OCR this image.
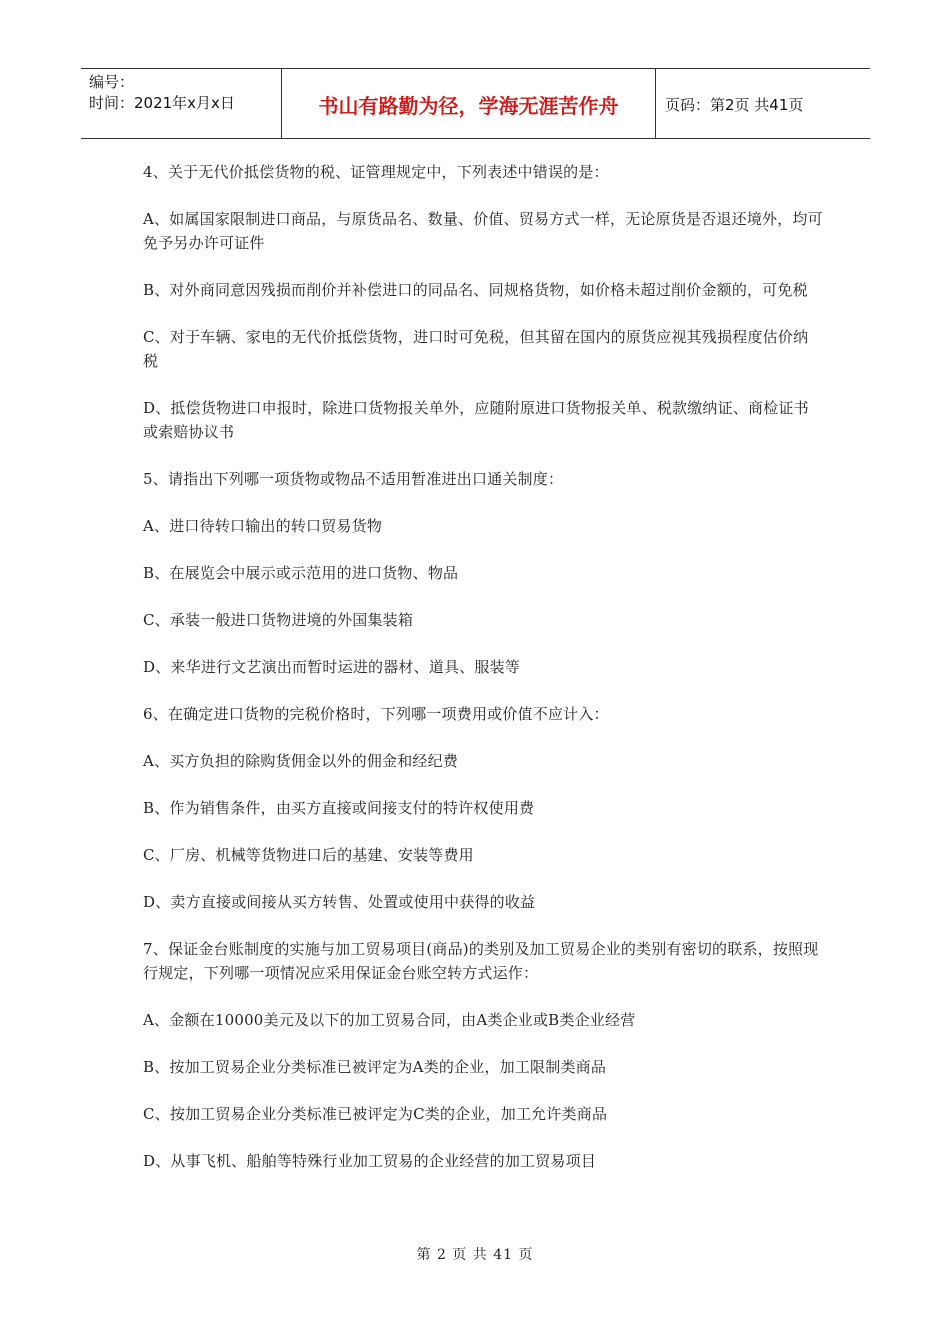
编号：
时间：2021年x月x日	书山有路勤为径，学海无涯苦作舟	页码：第2页 共41页

4、关于无代价抵偿货物的税、证管理规定中，下列表述中错误的是：

A、如属国家限制进口商品，与原货品名、数量、价值、贸易方式一样，无论原货是否退还境外，均可免予另办许可证件

B、对外商同意因残损而削价并补偿进口的同品名、同规格货物，如价格未超过削价金额的，可免税

C、对于车辆、家电的无代价抵偿货物，进口时可免税，但其留在国内的原货应视其残损程度估价纳税

D、抵偿货物进口申报时，除进口货物报关单外，应随附原进口货物报关单、税款缴纳证、商检证书或索赔协议书

5、请指出下列哪一项货物或物品不适用暂准进出口通关制度：

A、进口待转口输出的转口贸易货物

B、在展览会中展示或示范用的进口货物、物品

C、承装一般进口货物进境的外国集装箱

D、来华进行文艺演出而暂时运进的器材、道具、服装等

6、在确定进口货物的完税价格时，下列哪一项费用或价值不应计入：

A、买方负担的除购货佣金以外的佣金和经纪费

B、作为销售条件，由买方直接或间接支付的特许权使用费

C、厂房、机械等货物进口后的基建、安装等费用

D、卖方直接或间接从买方转售、处置或使用中获得的收益

7、保证金台账制度的实施与加工贸易项目(商品)的类别及加工贸易企业的类别有密切的联系，按照现行规定，下列哪一项情况应采用保证金台账空转方式运作：

A、金额在10000美元及以下的加工贸易合同，由A类企业或B类企业经营

B、按加工贸易企业分类标准已被评定为A类的企业，加工限制类商品

C、按加工贸易企业分类标准已被评定为C类的企业，加工允许类商品

D、从事飞机、船舶等特殊行业加工贸易的企业经营的加工贸易项目

第 2 页 共 41 页
